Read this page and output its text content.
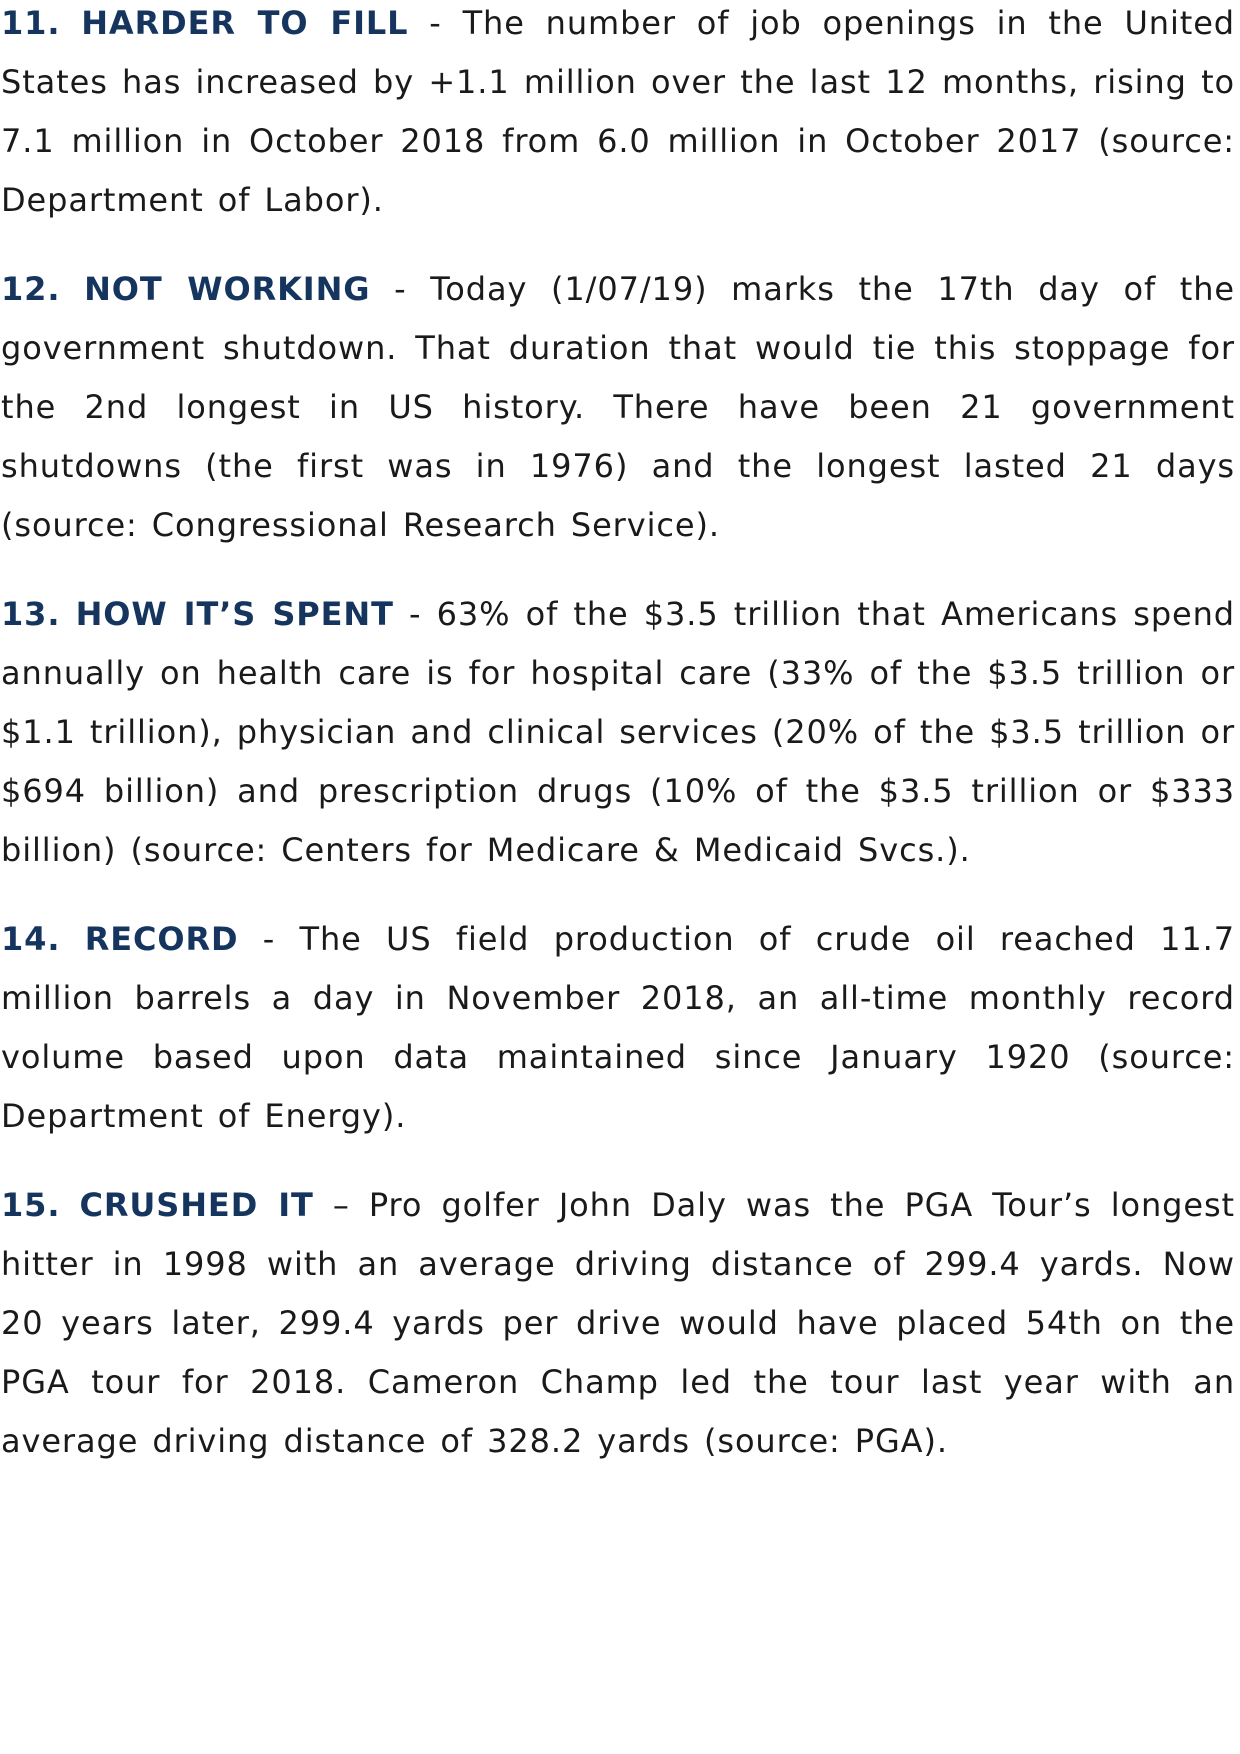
11. HARDER TO FILL - The number of job openings in the United States has increased by +1.1 million over the last 12 months, rising to 7.1 million in October 2018 from 6.0 million in October 2017 (source: Department of Labor).

12. NOT WORKING - Today (1/07/19) marks the 17th day of the government shutdown. That duration that would tie this stoppage for the 2nd longest in US history. There have been 21 government shutdowns (the first was in 1976) and the longest lasted 21 days (source: Congressional Research Service).

13. HOW IT’S SPENT - 63% of the $3.5 trillion that Americans spend annually on health care is for hospital care (33% of the $3.5 trillion or $1.1 trillion), physician and clinical services (20% of the $3.5 trillion or $694 billion) and prescription drugs (10% of the $3.5 trillion or $333 billion) (source: Centers for Medicare & Medicaid Svcs.).

14. RECORD - The US field production of crude oil reached 11.7 million barrels a day in November 2018, an all-time monthly record volume based upon data maintained since January 1920 (source: Department of Energy).

15. CRUSHED IT – Pro golfer John Daly was the PGA Tour’s longest hitter in 1998 with an average driving distance of 299.4 yards. Now 20 years later, 299.4 yards per drive would have placed 54th on the PGA tour for 2018. Cameron Champ led the tour last year with an average driving distance of 328.2 yards (source: PGA).
